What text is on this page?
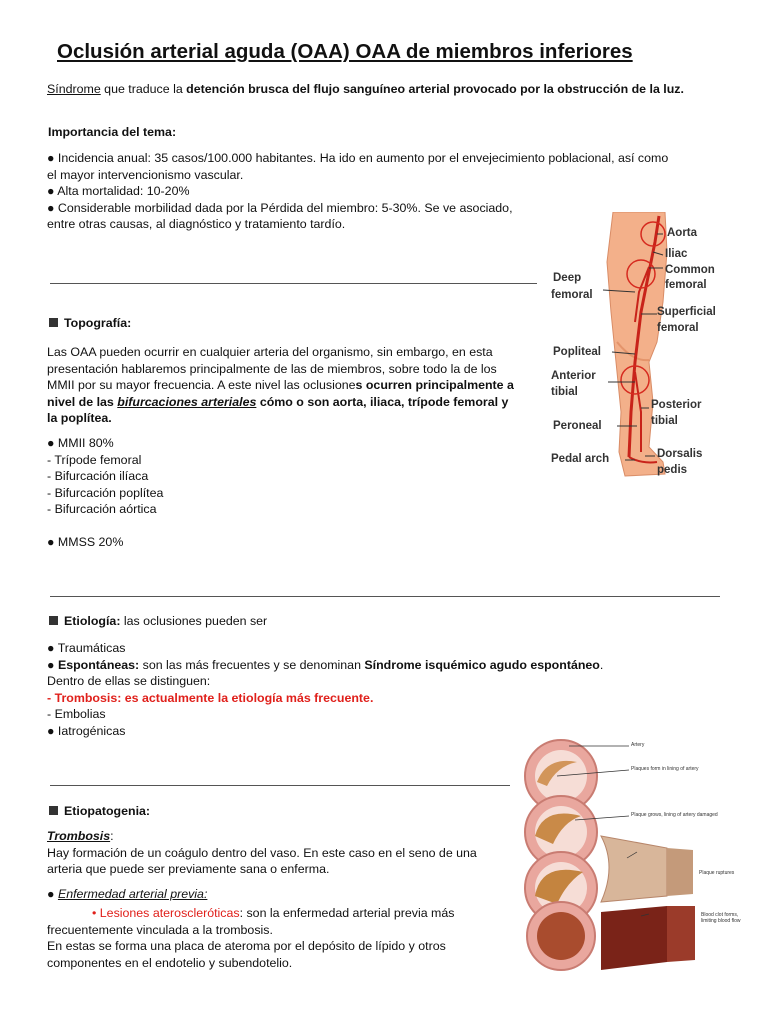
Oclusión arterial aguda (OAA) OAA de miembros inferiores
Síndrome que traduce la detención brusca del flujo sanguíneo arterial provocado por la obstrucción de la luz.
Importancia del tema:
● Incidencia anual: 35 casos/100.000 habitantes. Ha ido en aumento por el envejecimiento poblacional, así como
el mayor intervencionismo vascular.
● Alta mortalidad: 10-20%
● Considerable morbilidad dada por la Pérdida del miembro: 5-30%. Se ve asociado,
entre otras causas, al diagnóstico y tratamiento tardío.
Aorta
Iliac
Common
femoral
Deep
femoral
Superficial
femoral
Popliteal
Anterior
tibial
Posterior
tibial
Peroneal
Pedal arch	Dorsalis
pedis
Topografía:
Las OAA pueden ocurrir en cualquier arteria del organismo, sin embargo, en esta
presentación hablaremos principalmente de las de miembros, sobre todo la de los
MMII por su mayor frecuencia. A este nivel las oclusiones ocurren principalmente a
nivel de las bifurcaciones arteriales cómo o son aorta, iliaca, trípode femoral y
la poplítea.
● MMII 80%
- Trípode femoral
- Bifurcación ilíaca
- Bifurcación poplítea
- Bifurcación aórtica
● MMSS 20%
Etiología: las oclusiones pueden ser
● Traumáticas
● Espontáneas: son las más frecuentes y se denominan Síndrome isquémico agudo espontáneo.
Dentro de ellas se distinguen:
- Trombosis: es actualmente la etiología más frecuente.
- Embolias
● Iatrogénicas
Artery
Plaques form in lining of artery
Plaque grows, lining of artery damaged
Plaque ruptures
Blood clot forms, limiting blood flow
Etiopatogenia:
Trombosis:
Hay formación de un coágulo dentro del vaso. En este caso en el seno de una
arteria que puede ser previamente sana o enferma.
● Enfermedad arterial previa:
• Lesiones ateroscleróticas: son la enfermedad arterial previa más
frecuentemente vinculada a la trombosis.
En estas se forma una placa de ateroma por el depósito de lípido y otros
componentes en el endotelio y subendotelio.
